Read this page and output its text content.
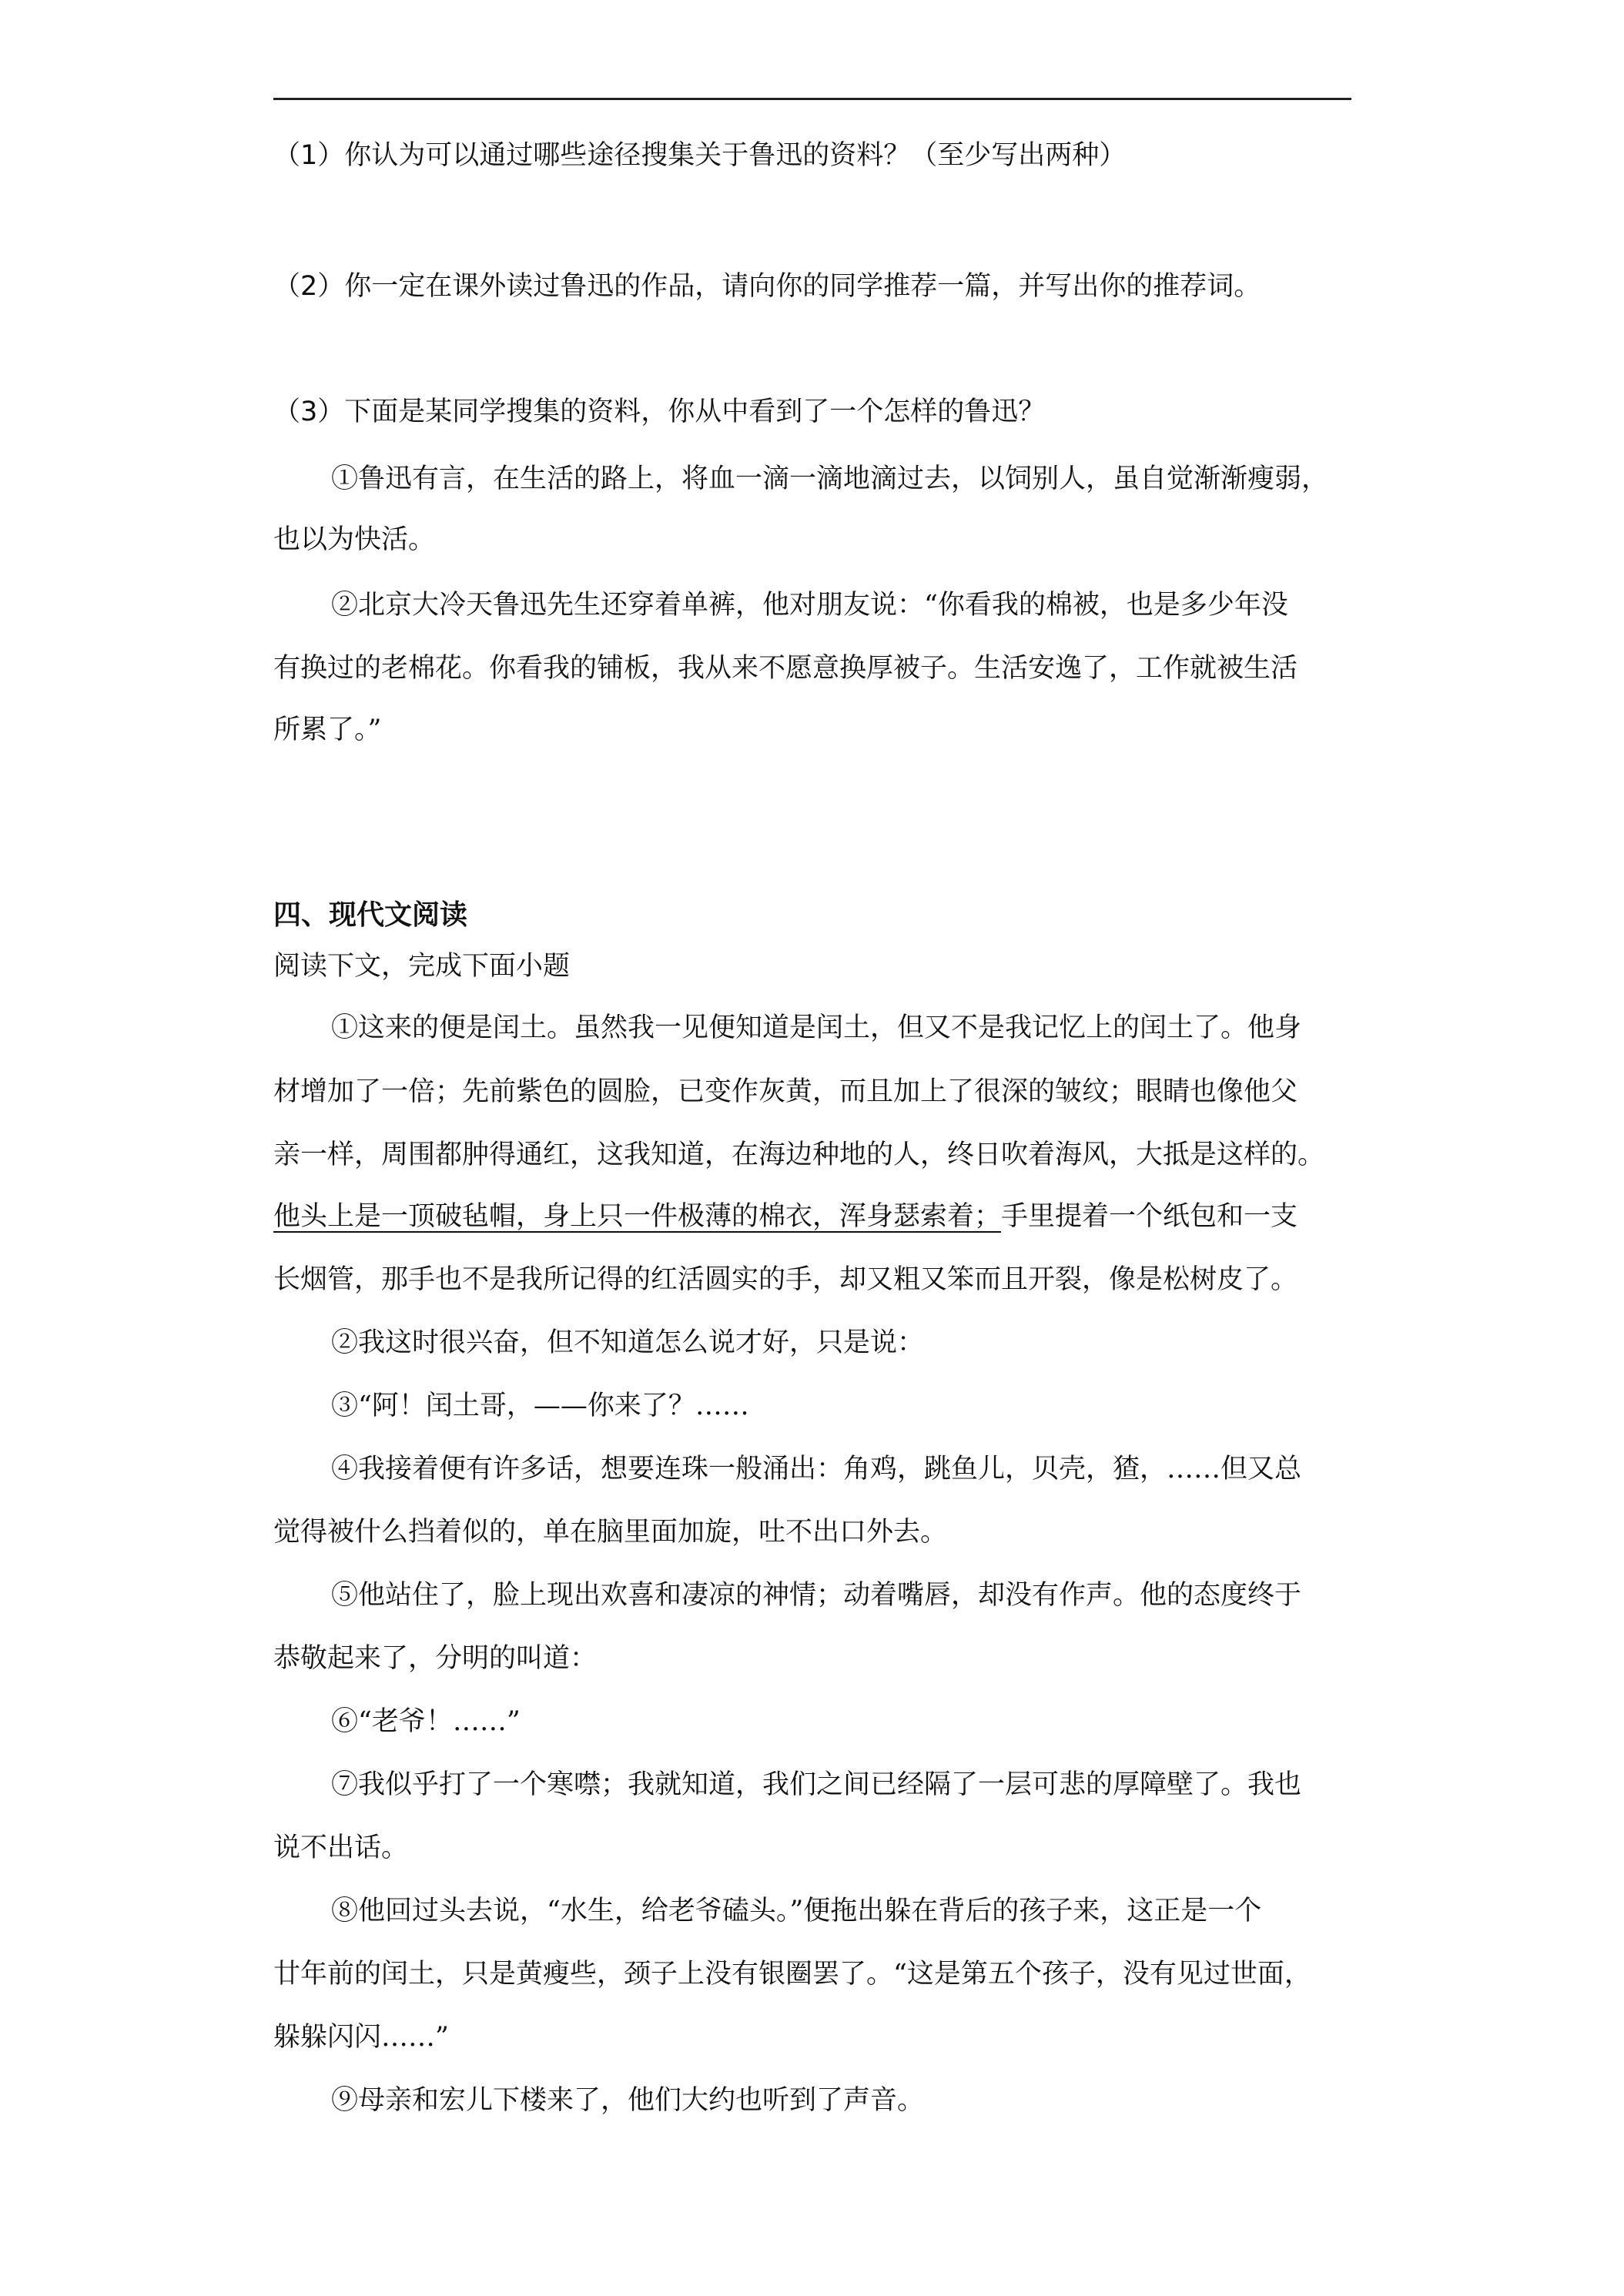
（1）你认为可以通过哪些途径搜集关于鲁迅的资料？（至少写出两种）
（2）你一定在课外读过鲁迅的作品，请向你的同学推荐一篇，并写出你的推荐词。
（3）下面是某同学搜集的资料，你从中看到了一个怎样的鲁迅？
①鲁迅有言，在生活的路上，将血一滴一滴地滴过去，以饲别人，虽自觉渐渐瘦弱，
也以为快活。
②北京大冷天鲁迅先生还穿着单裤，他对朋友说：“你看我的棉被，也是多少年没
有换过的老棉花。你看我的铺板，我从来不愿意换厚被子。生活安逸了，工作就被生活
所累了。”
四、现代文阅读
阅读下文，完成下面小题
①这来的便是闰土。虽然我一见便知道是闰土，但又不是我记忆上的闰土了。他身
材增加了一倍；先前紫色的圆脸，已变作灰黄，而且加上了很深的皱纹；眼睛也像他父
亲一样，周围都肿得通红，这我知道，在海边种地的人，终日吹着海风，大抵是这样的。
他头上是一顶破毡帽，身上只一件极薄的棉衣，浑身瑟索着；手里提着一个纸包和一支
长烟管，那手也不是我所记得的红活圆实的手，却又粗又笨而且开裂，像是松树皮了。
②我这时很兴奋，但不知道怎么说才好，只是说：
③“阿！闰土哥，——你来了？……
④我接着便有许多话，想要连珠一般涌出：角鸡，跳鱼儿，贝壳，猹，……但又总
觉得被什么挡着似的，单在脑里面加旋，吐不出口外去。
⑤他站住了，脸上现出欢喜和凄凉的神情；动着嘴唇，却没有作声。他的态度终于
恭敬起来了，分明的叫道：
⑥“老爷！……”
⑦我似乎打了一个寒噤；我就知道，我们之间已经隔了一层可悲的厚障壁了。我也
说不出话。
⑧他回过头去说，“水生，给老爷磕头。”便拖出躲在背后的孩子来，这正是一个
廿年前的闰土，只是黄瘦些，颈子上没有银圈罢了。“这是第五个孩子，没有见过世面，
躲躲闪闪……”
⑨母亲和宏儿下楼来了，他们大约也听到了声音。
